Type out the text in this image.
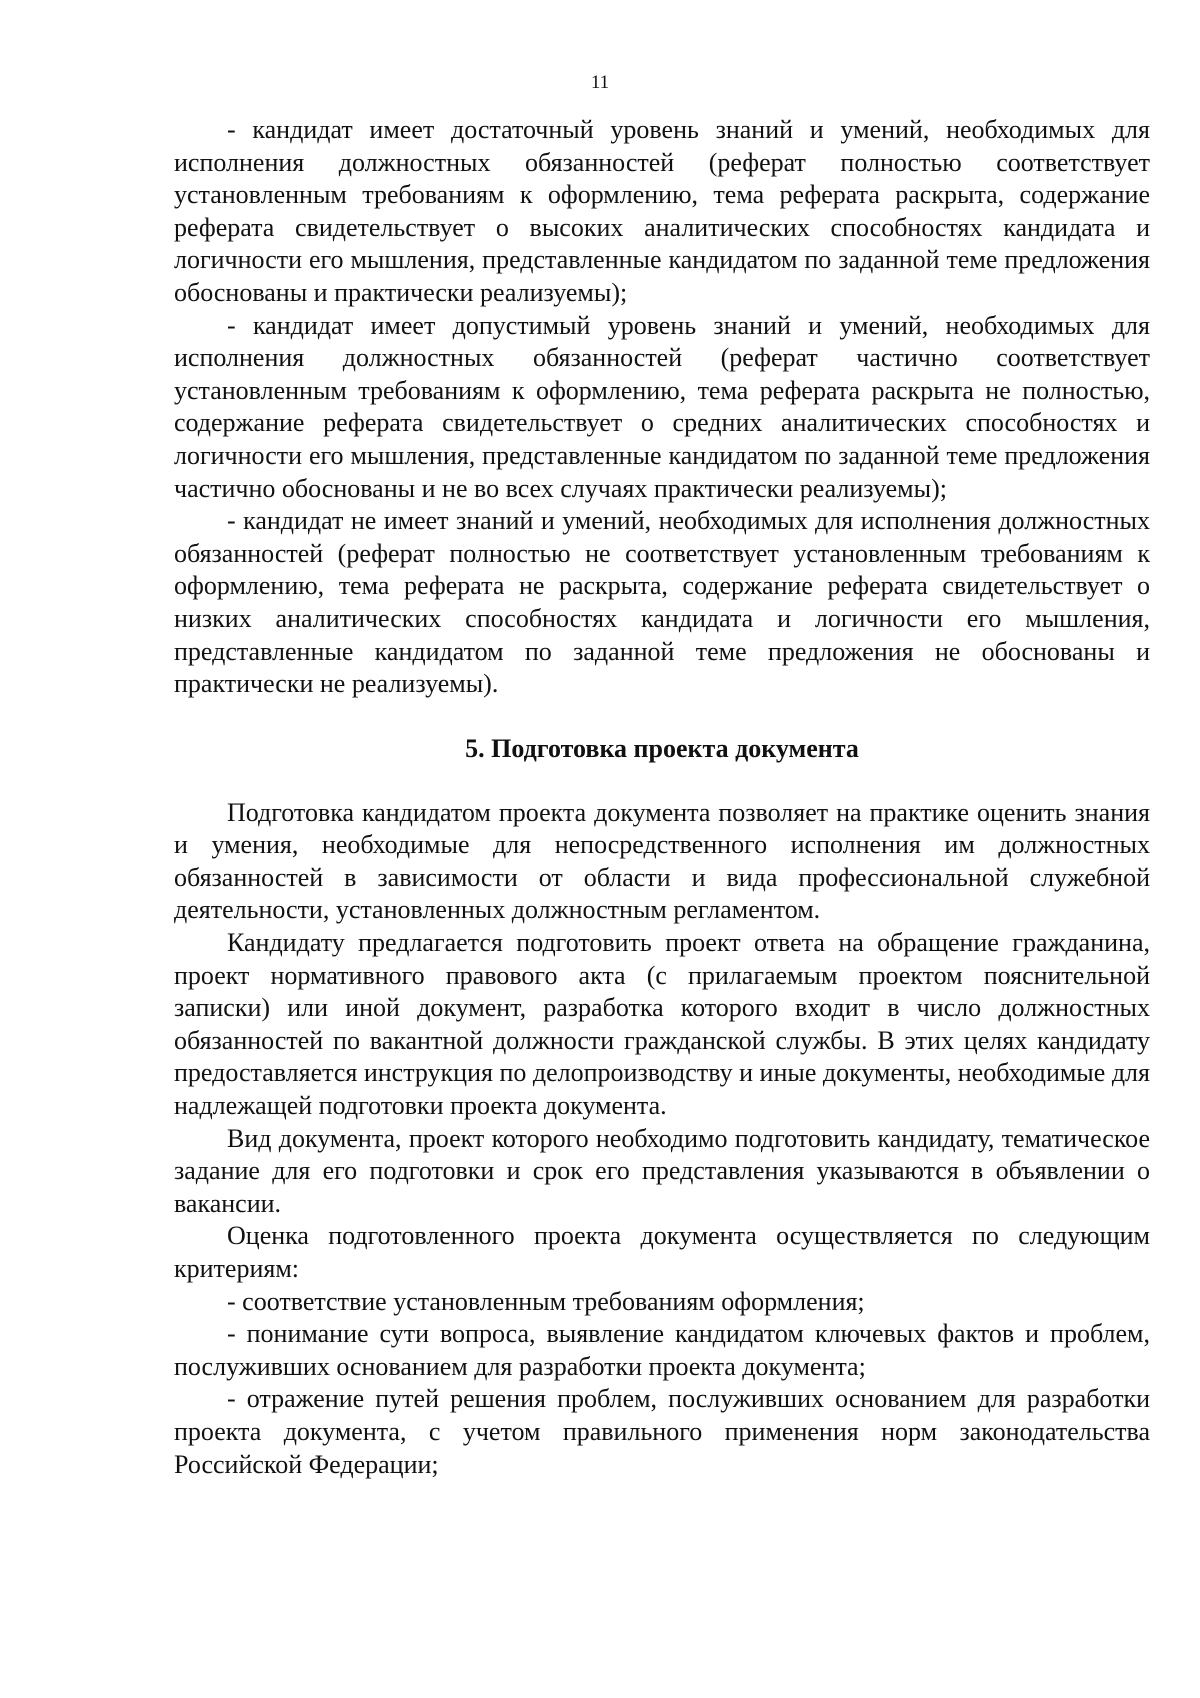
11

- кандидат имеет достаточный уровень знаний и умений, необходимых для исполнения должностных обязанностей (реферат полностью соответствует установленным требованиям к оформлению, тема реферата раскрыта, содержание реферата свидетельствует о высоких аналитических способностях кандидата и логичности его мышления, представленные кандидатом по заданной теме предложения обоснованы и практически реализуемы);

- кандидат имеет допустимый уровень знаний и умений, необходимых для исполнения должностных обязанностей (реферат частично соответствует установленным требованиям к оформлению, тема реферата раскрыта не полностью, содержание реферата свидетельствует о средних аналитических способностях и логичности его мышления, представленные кандидатом по заданной теме предложения частично обоснованы и не во всех случаях практически реализуемы);

- кандидат не имеет знаний и умений, необходимых для исполнения должностных обязанностей (реферат полностью не соответствует установленным требованиям к оформлению, тема реферата не раскрыта, содержание реферата свидетельствует о низких аналитических способностях кандидата и логичности его мышления, представленные кандидатом по заданной теме предложения не обоснованы и практически не реализуемы).

5. Подготовка проекта документа

Подготовка кандидатом проекта документа позволяет на практике оценить знания и умения, необходимые для непосредственного исполнения им должностных обязанностей в зависимости от области и вида профессиональной служебной деятельности, установленных должностным регламентом.

Кандидату предлагается подготовить проект ответа на обращение гражданина, проект нормативного правового акта (с прилагаемым проектом пояснительной записки) или иной документ, разработка которого входит в число должностных обязанностей по вакантной должности гражданской службы. В этих целях кандидату предоставляется инструкция по делопроизводству и иные документы, необходимые для надлежащей подготовки проекта документа.

Вид документа, проект которого необходимо подготовить кандидату, тематическое задание для его подготовки и срок его представления указываются в объявлении о вакансии.

Оценка подготовленного проекта документа осуществляется по следующим критериям:

- соответствие установленным требованиям оформления;

- понимание сути вопроса, выявление кандидатом ключевых фактов и проблем, послуживших основанием для разработки проекта документа;

- отражение путей решения проблем, послуживших основанием для разработки проекта документа, с учетом правильного применения норм законодательства Российской Федерации;
